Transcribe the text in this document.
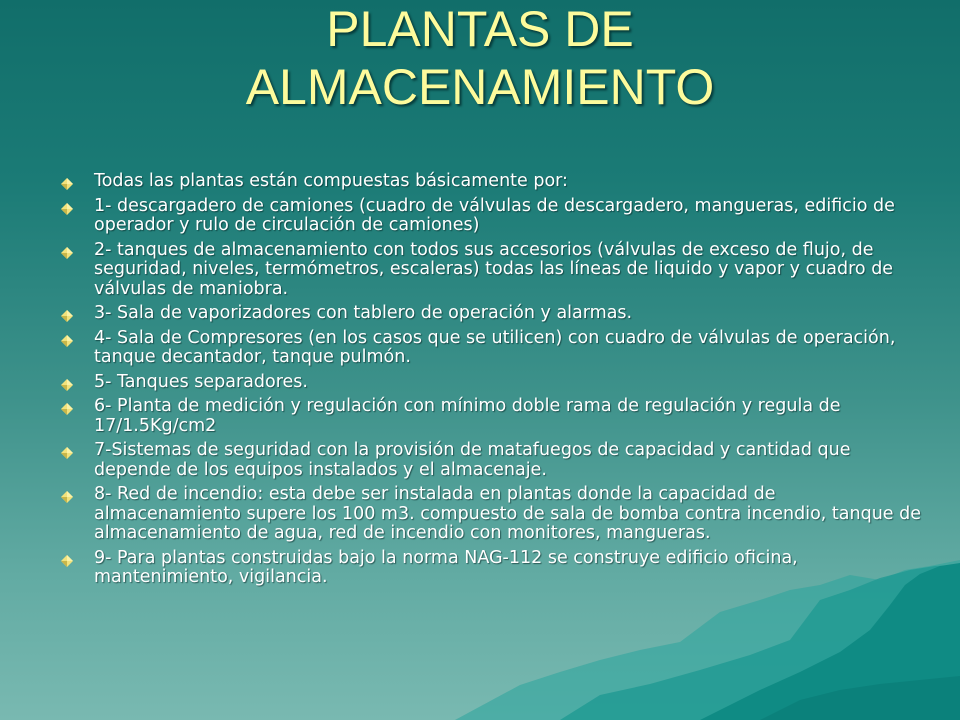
PLANTAS DE
ALMACENAMIENTO
Todas las plantas están compuestas básicamente por:
1- descargadero de camiones (cuadro de válvulas de descargadero, mangueras, edificio de operador y rulo de circulación de camiones)
2- tanques de almacenamiento con todos sus accesorios (válvulas de exceso de flujo, de seguridad, niveles, termómetros, escaleras) todas las líneas de liquido y vapor y cuadro de válvulas de maniobra.
3- Sala de vaporizadores con tablero de operación y alarmas.
4- Sala de Compresores (en los casos que se utilicen) con cuadro de válvulas de operación, tanque decantador, tanque pulmón.
5- Tanques separadores.
6- Planta de medición y regulación con mínimo doble rama de regulación y regula de 17/1.5Kg/cm2
7-Sistemas de seguridad con la provisión de matafuegos de capacidad y cantidad que depende de los equipos instalados y el almacenaje.
8- Red de incendio: esta debe ser instalada en plantas donde la capacidad de almacenamiento supere los 100 m3. compuesto de sala de bomba contra incendio, tanque de almacenamiento de agua, red de incendio con monitores, mangueras.
9- Para plantas construidas bajo la norma NAG-112 se construye edificio oficina, mantenimiento, vigilancia.
